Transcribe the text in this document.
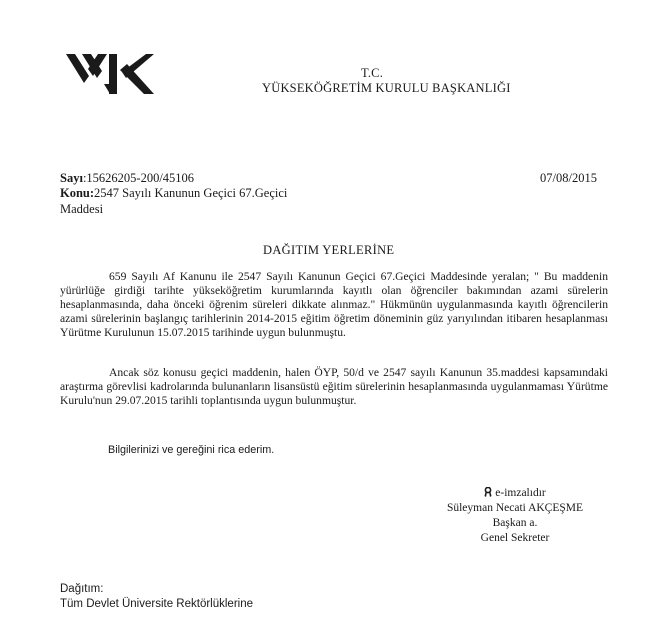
T.C.
YÜKSEKÖĞRETİM KURULU BAŞKANLIĞI
Sayı:15626205-200/45106
Konu:2547 Sayılı Kanunun Geçici 67.Geçici
Maddesi
07/08/2015
DAĞITIM YERLERİNE
659 Sayılı Af Kanunu ile 2547 Sayılı Kanunun Geçici 67.Geçici Maddesinde yeralan; " Bu maddenin yürürlüğe girdiği tarihte yükseköğretim kurumlarında kayıtlı olan öğrenciler bakımından azami sürelerin hesaplanmasında, daha önceki öğrenim süreleri dikkate alınmaz." Hükmünün uygulanmasında kayıtlı öğrencilerin azami sürelerinin başlangıç tarihlerinin 2014-2015 eğitim öğretim döneminin güz yarıyılından itibaren hesaplanması Yürütme Kurulunun 15.07.2015 tarihinde uygun bulunmuştu.
Ancak söz konusu geçici maddenin, halen ÖYP, 50/d ve 2547 sayılı Kanunun 35.maddesi kapsamındaki araştırma görevlisi kadrolarında bulunanların lisansüstü eğitim sürelerinin hesaplanmasında uygulanmaması Yürütme Kurulu'nun 29.07.2015 tarihli toplantısında uygun bulunmuştur.
Bilgilerinizi ve gereğini rica ederim.
e-imzalıdır
Süleyman Necati AKÇEŞME
Başkan a.
Genel Sekreter
Dağıtım:
Tüm Devlet Üniversite Rektörlüklerine
